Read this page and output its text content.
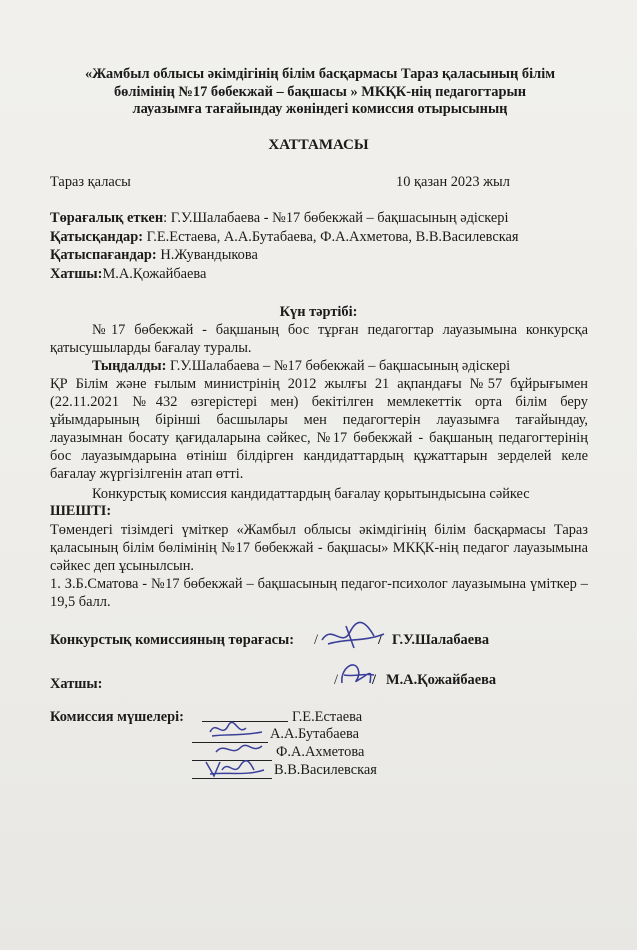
«Жамбыл облысы әкімдігінің білім басқармасы Тараз қаласының білім
бөлімінің №17 бөбекжай – бақшасы » МКҚК-нің педагогтарын
лауазымға тағайындау жөніндегі комиссия отырысының
ХАТТАМАСЫ
Тараз қаласы	10 қазан 2023 жыл
Төрағалық еткен: Г.У.Шалабаева - №17 бөбекжай – бақшасының әдіскері
Қатысқандар: Г.Е.Естаева, А.А.Бутабаева, Ф.А.Ахметова, В.В.Василевская
Қатыспағандар: Н.Жувандыкова
Хатшы:М.А.Қожайбаева
Күн тәртібі:
№17 бөбекжай - бақшаның бос тұрған педагогтар лауазымына конкурсқа қатысушыларды бағалау туралы.
Тыңдалды: Г.У.Шалабаева – №17 бөбекжай – бақшасының әдіскері
ҚР Білім және ғылым министрінің 2012 жылғы 21 ақпандағы №57 бұйрығымен (22.11.2021 №432 өзгерістері мен) бекітілген мемлекеттік орта білім беру ұйымдарының бірінші басшылары мен педагогтерін лауазымға тағайындау, лауазымнан босату қағидаларына сәйкес, №17 бөбекжай - бақшаның педагогтерінің бос лауазымдарына өтініш білдірген кандидаттардың құжаттарын зерделей келе бағалау жүргізілгенін атап өтті.
Конкурстық комиссия кандидаттардың бағалау қорытындысына сәйкес
ШЕШТІ:
Төмендегі тізімдегі үміткер «Жамбыл облысы әкімдігінің білім басқармасы Тараз қаласының білім бөлімінің №17 бөбекжай - бақшасы» МКҚК-нің педагог лауазымына сәйкес деп ұсынылсын.
1. З.Б.Сматова - №17 бөбекжай – бақшасының педагог-психолог лауазымына үміткер – 19,5 балл.
Конкурстық комиссияның төрағасы: /	/ Г.У.Шалабаева
Хатшы:	/ / М.А.Қожайбаева
Комиссия мүшелері:	Г.Е.Естаева
А.А.Бутабаева
Ф.А.Ахметова
В.В.Василевская
